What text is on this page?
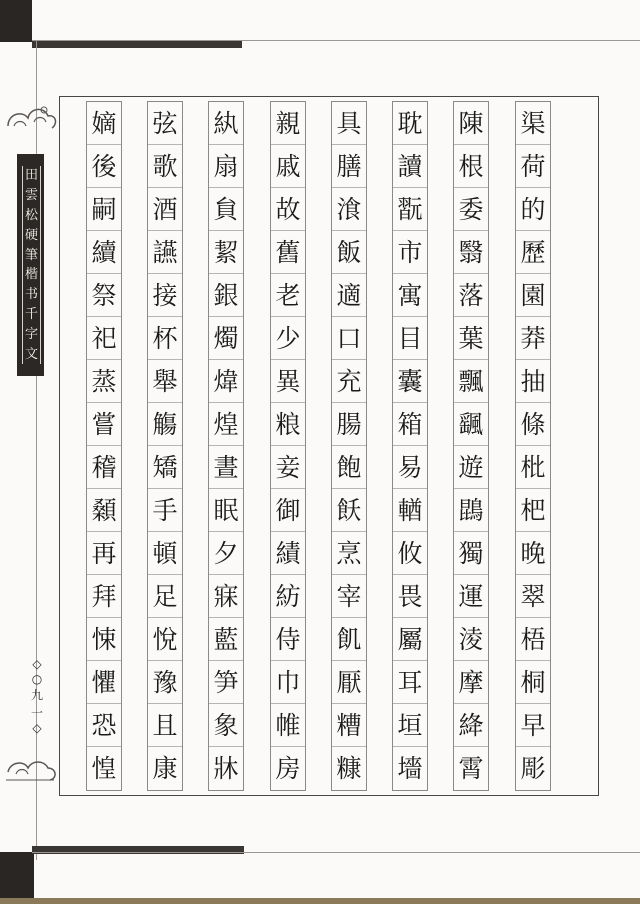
田
雲
松
硬
筆
楷
书
千
字
文
◇
○
九
一
◇
渠
荷
的
歷
園
莽
抽
條
枇
杷
晚
翠
梧
桐
早
彫
陳
根
委
翳
落
葉
飄
颻
遊
鵾
獨
運
淩
摩
絳
霄
耽
讀
翫
市
寓
目
囊
箱
易
輶
攸
畏
屬
耳
垣
墻
具
膳
湌
飯
適
口
充
腸
飽
飫
烹
宰
飢
厭
糟
糠
親
戚
故
舊
老
少
異
粮
妾
御
績
紡
侍
巾
帷
房
紈
扇
貟
絜
銀
燭
煒
煌
晝
眠
夕
寐
藍
笋
象
牀
弦
歌
酒
讌
接
杯
舉
觴
矯
手
頓
足
悅
豫
且
康
嫡
後
嗣
續
祭
祀
蒸
嘗
稽
顙
再
拜
悚
懼
恐
惶
